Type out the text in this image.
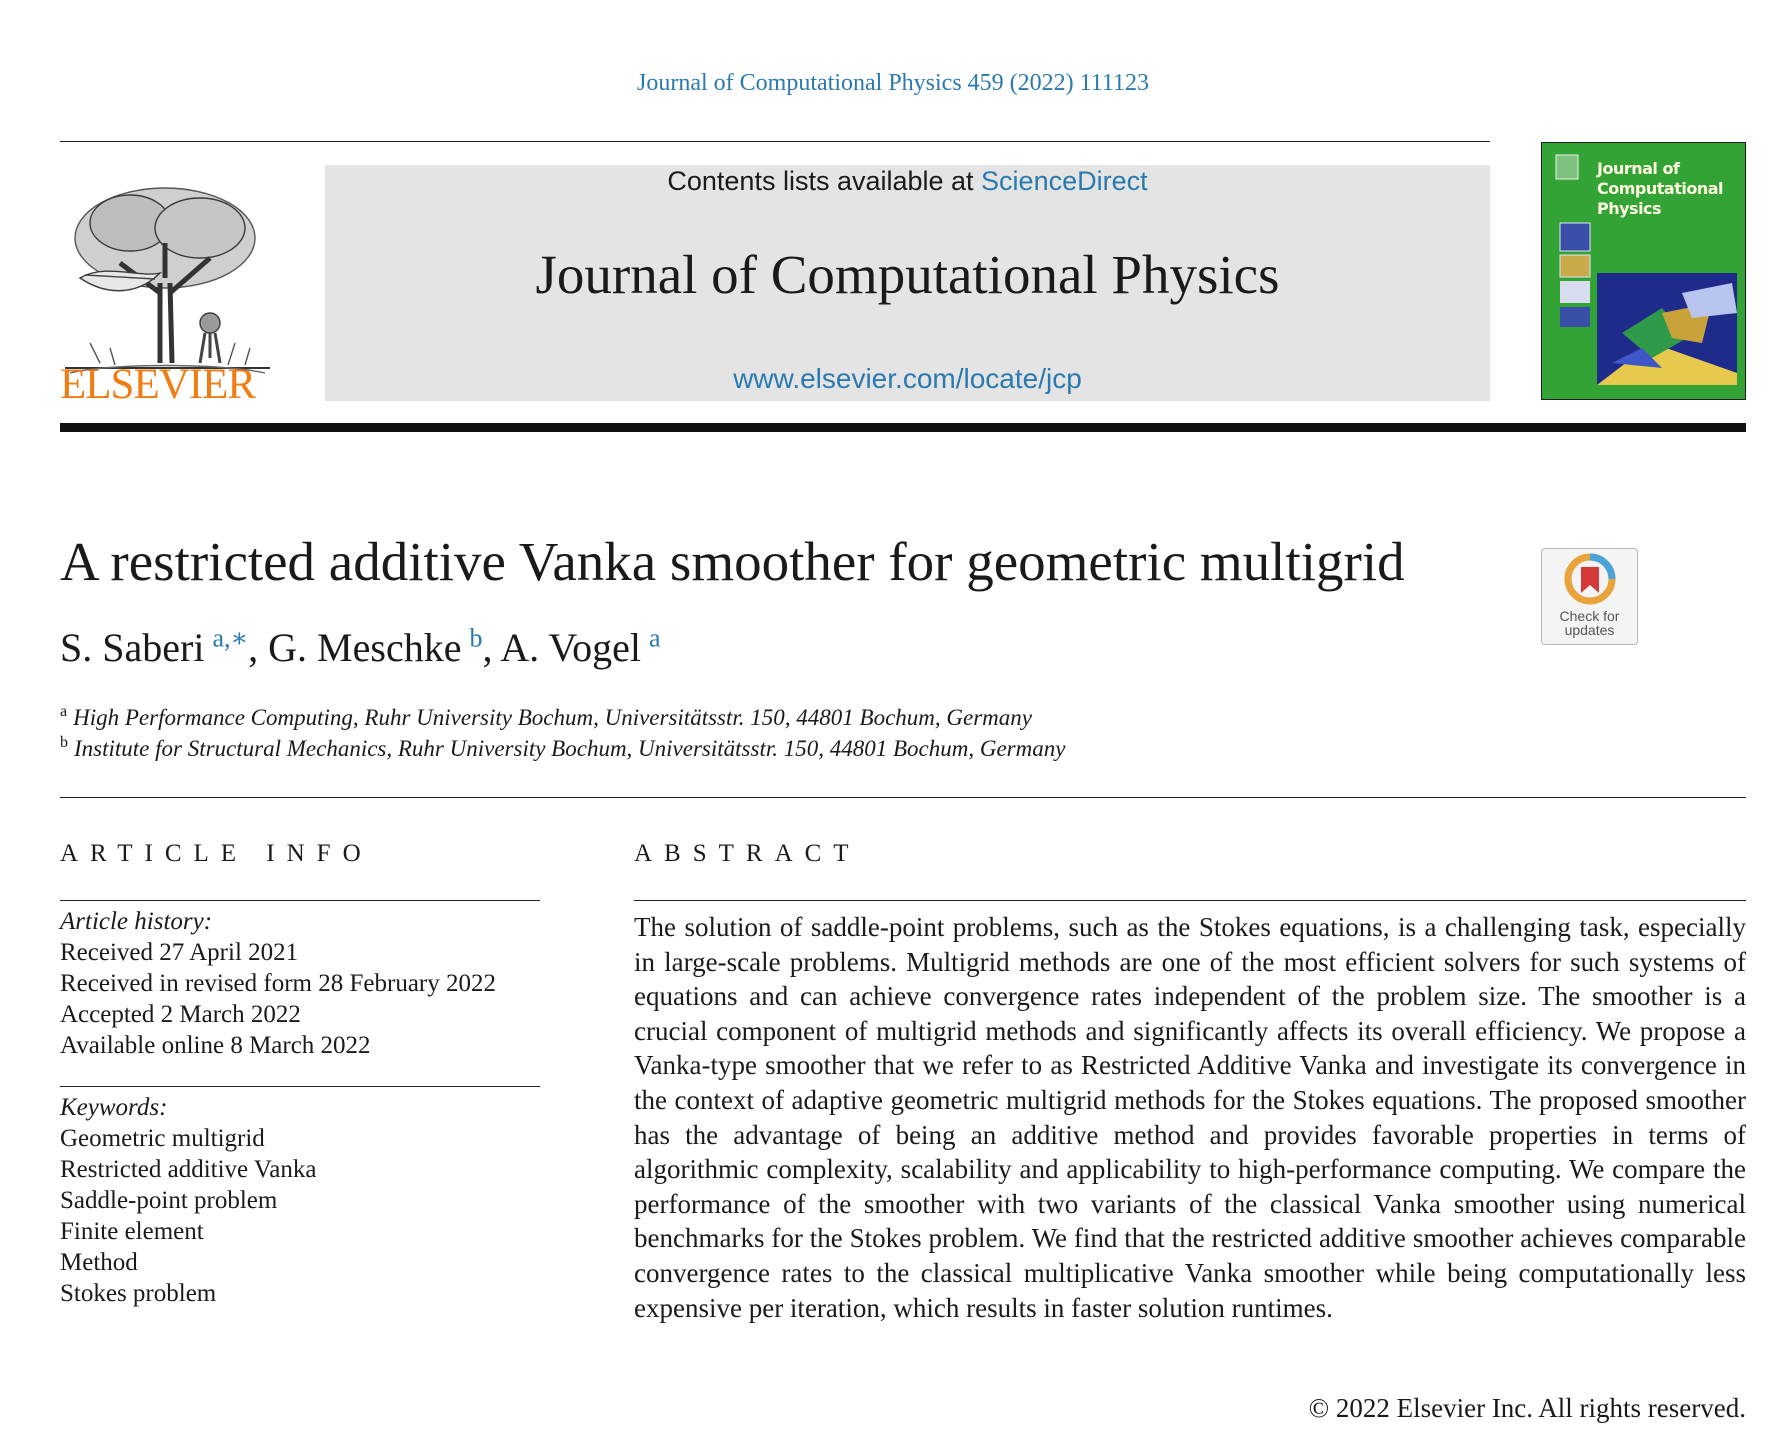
Journal of Computational Physics 459 (2022) 111123
ELSEVIER
Contents lists available at ScienceDirect
Journal of Computational Physics
www.elsevier.com/locate/jcp
Journal of
Computational
Physics
A restricted additive Vanka smoother for geometric multigrid
Check for
updates
S. Saberi  $^{a,∗}$, G. Meschke  $^b$, A. Vogel  $^a$
$^a$ High Performance Computing, Ruhr University Bochum, Universitätsstr. 150, 44801 Bochum, Germany
$^b$ Institute for Structural Mechanics, Ruhr University Bochum, Universitätsstr. 150, 44801 Bochum, Germany
ARTICLE INFO	ABSTRACT
Article history:
Received 27 April 2021
Received in revised form 28 February 2022
Accepted 2 March 2022
Available online 8 March 2022
Keywords:
Geometric multigrid
Restricted additive Vanka
Saddle-point problem
Finite element
Method
Stokes problem
The solution of saddle-point problems, such as the Stokes equations, is a challenging task, especially in large-scale problems. Multigrid methods are one of the most efficient solvers for such systems of equations and can achieve convergence rates independent of the problem size. The smoother is a crucial component of multigrid methods and significantly affects its overall efficiency. We propose a Vanka-type smoother that we refer to as Restricted Additive Vanka and investigate its convergence in the context of adaptive geometric multigrid methods for the Stokes equations. The proposed smoother has the advantage of being an additive method and provides favorable properties in terms of algorithmic complexity, scalability and applicability to high-performance computing. We compare the performance of the smoother with two variants of the classical Vanka smoother using numerical benchmarks for the Stokes problem. We find that the restricted additive smoother achieves comparable convergence rates to the classical multiplicative Vanka smoother while being computationally less expensive per iteration, which results in faster solution runtimes.
© 2022 Elsevier Inc. All rights reserved.
